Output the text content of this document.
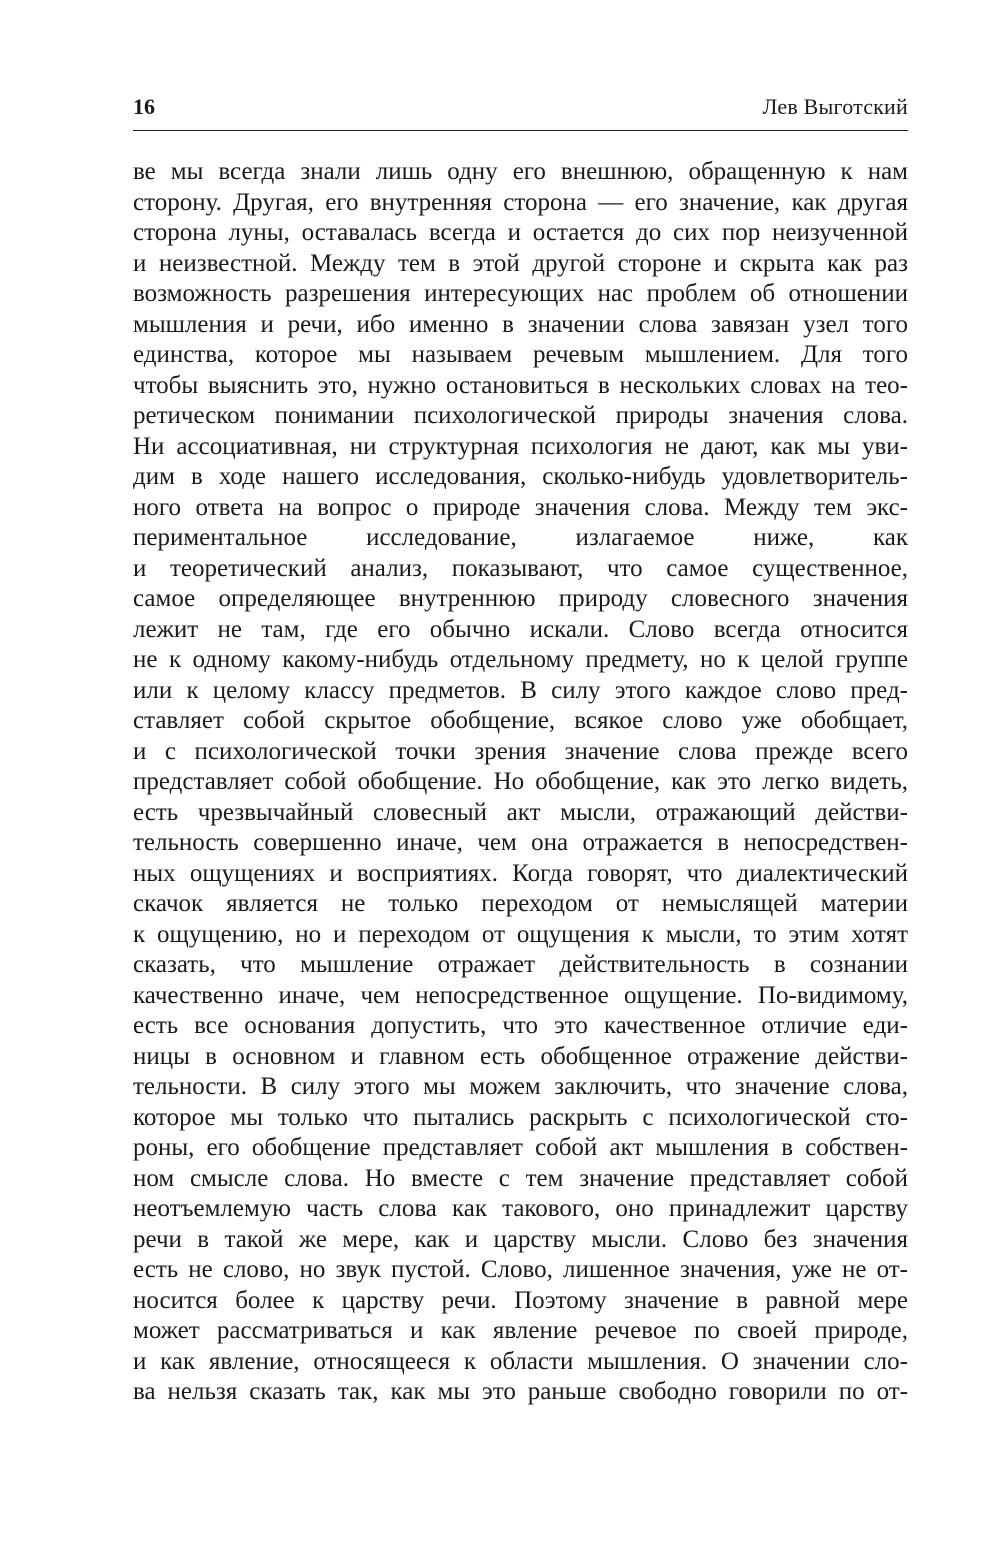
16	Лев Выготский
ве мы всегда знали лишь одну его внешнюю, обращенную к нам
сторону. Другая, его внутренняя сторона — его значение, как другая
сторона луны, оставалась всегда и остается до сих пор неизученной
и неизвестной. Между тем в этой другой стороне и скрыта как раз
возможность разрешения интересующих нас проблем об отношении
мышления и речи, ибо именно в значении слова завязан узел того
единства, которое мы называем речевым мышлением. Для того
чтобы выяснить это, нужно остановиться в нескольких словах на тео-
ретическом понимании психологической природы значения слова.
Ни ассоциативная, ни структурная психология не дают, как мы уви-
дим в ходе нашего исследования, сколько-нибудь удовлетворитель-
ного ответа на вопрос о природе значения слова. Между тем экс-
периментальное исследование, излагаемое ниже, как
и теоретический анализ, показывают, что самое существенное,
самое определяющее внутреннюю природу словесного значения
лежит не там, где его обычно искали. Слово всегда относится
не к одному какому-нибудь отдельному предмету, но к целой группе
или к целому классу предметов. В силу этого каждое слово пред-
ставляет собой скрытое обобщение, всякое слово уже обобщает,
и с психологической точки зрения значение слова прежде всего
представляет собой обобщение. Но обобщение, как это легко видеть,
есть чрезвычайный словесный акт мысли, отражающий действи-
тельность совершенно иначе, чем она отражается в непосредствен-
ных ощущениях и восприятиях. Когда говорят, что диалектический
скачок является не только переходом от немыслящей материи
к ощущению, но и переходом от ощущения к мысли, то этим хотят
сказать, что мышление отражает действительность в сознании
качественно иначе, чем непосредственное ощущение. По-видимому,
есть все основания допустить, что это качественное отличие еди-
ницы в основном и главном есть обобщенное отражение действи-
тельности. В силу этого мы можем заключить, что значение слова,
которое мы только что пытались раскрыть с психологической сто-
роны, его обобщение представляет собой акт мышления в собствен-
ном смысле слова. Но вместе с тем значение представляет собой
неотъемлемую часть слова как такового, оно принадлежит царству
речи в такой же мере, как и царству мысли. Слово без значения
есть не слово, но звук пустой. Слово, лишенное значения, уже не от-
носится более к царству речи. Поэтому значение в равной мере
может рассматриваться и как явление речевое по своей природе,
и как явление, относящееся к области мышления. О значении сло-
ва нельзя сказать так, как мы это раньше свободно говорили по от-
